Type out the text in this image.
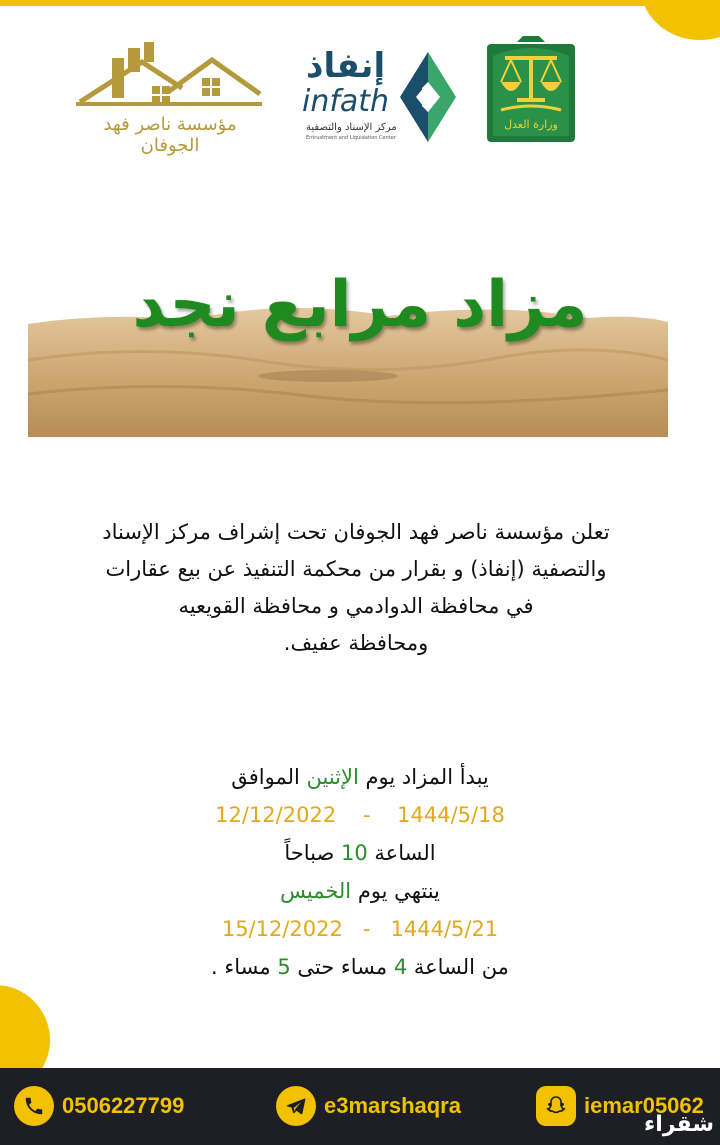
مؤسسة ناصر فهد الجوفان
إنفاذ
infath
مركز الإسناد والتصفية
Entrustment and Liquidation Center
وزارة العدل
مزاد مرابع نجد
تعلن مؤسسة ناصر فهد الجوفان تحت إشراف مركز الإسناد
والتصفية (إنفاذ) و بقرار من محكمة التنفيذ عن بيع عقارات
في محافظة الدوادمي و محافظة القويعيه
ومحافظة عفيف.
يبدأ المزاد يوم الإثنين الموافق
12/12/2022    -    1444/5/18
الساعة 10 صباحاً
ينتهي يوم الخميس
15/12/2022   -   1444/5/21
من الساعة 4 مساء حتى 5 مساء .
0506227799	e3marshaqra	iemar05062
شقراء
